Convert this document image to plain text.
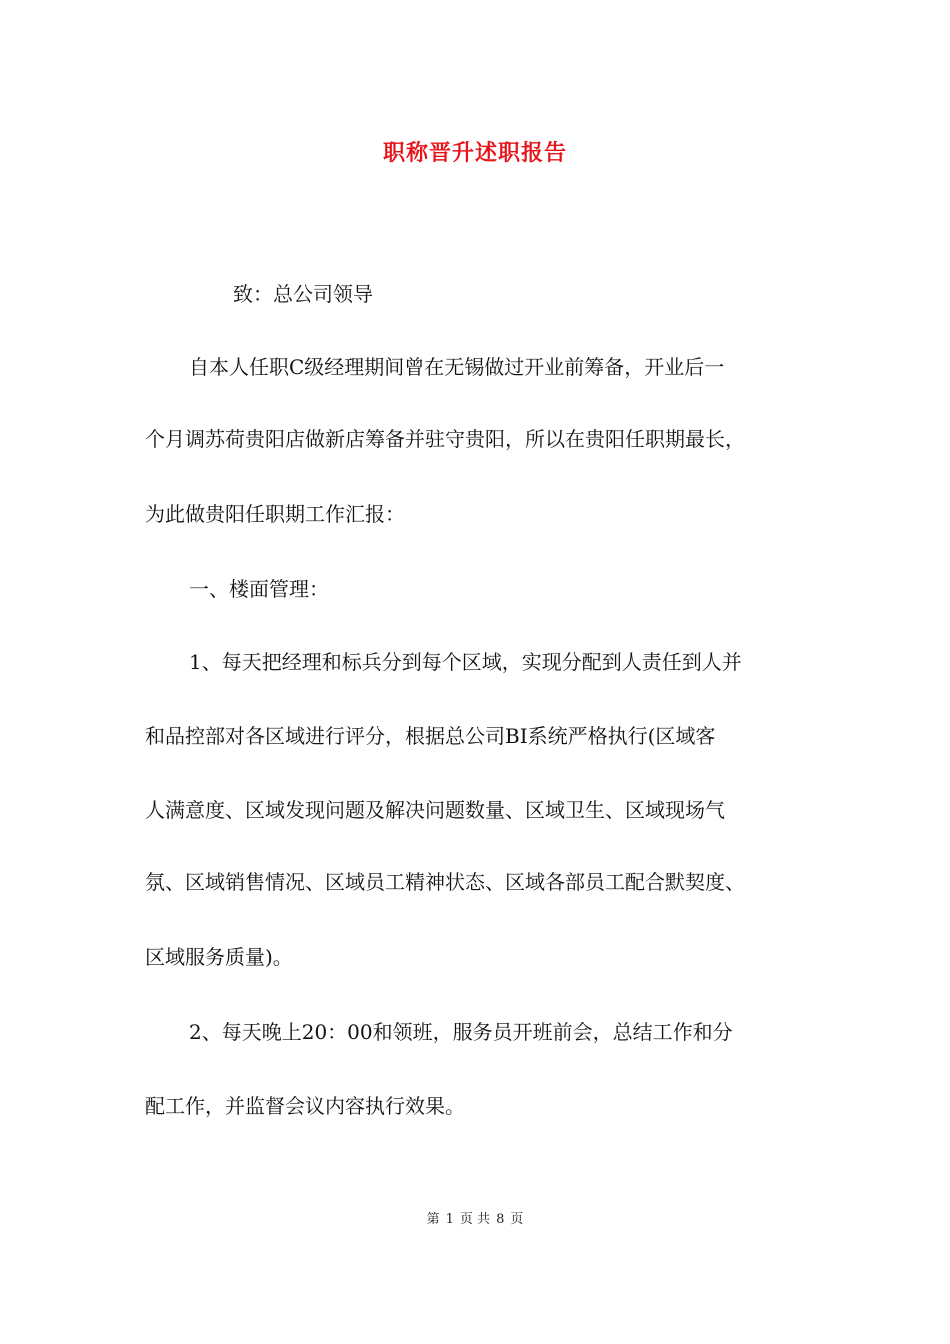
职称晋升述职报告
致：总公司领导
自本人任职C级经理期间曾在无锡做过开业前筹备，开业后一
个月调苏荷贵阳店做新店筹备并驻守贵阳，所以在贵阳任职期最长，
为此做贵阳任职期工作汇报：
一、楼面管理：
1、每天把经理和标兵分到每个区域，实现分配到人责任到人并
和品控部对各区域进行评分，根据总公司BI系统严格执行(区域客
人满意度、区域发现问题及解决问题数量、区域卫生、区域现场气
氛、区域销售情况、区域员工精神状态、区域各部员工配合默契度、
区域服务质量)。
2、每天晚上20：00和领班，服务员开班前会，总结工作和分
配工作，并监督会议内容执行效果。
第 1 页 共 8 页
